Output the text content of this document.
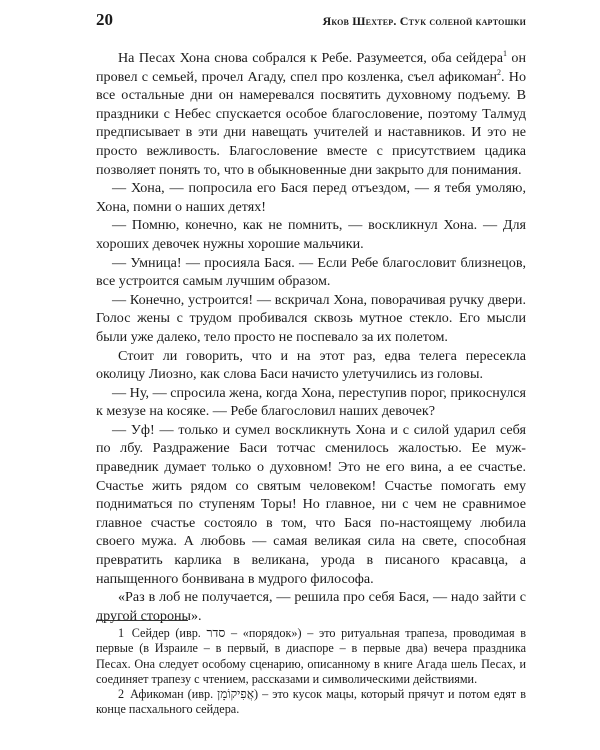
20	Яков Шехтер. Стук соленой картошки

На Песах Хона снова собрался к Ребе. Разумеется, оба сейдера$^1$ он провел с семьей, прочел Агаду, спел про козленка, съел афикоман$^2$. Но все остальные дни он намеревался посвятить духовному подъему. В праздники с Небес спускается особое благословение, поэтому Талмуд предписывает в эти дни навещать учителей и наставников. И это не просто вежливость. Благословение вместе с присутствием цадика позволяет понять то, что в обыкновенные дни закрыто для понимания.

— Хона, — попросила его Бася перед отъездом, — я тебя умоляю, Хона, помни о наших детях!

— Помню, конечно, как не помнить, — воскликнул Хона. — Для хороших девочек нужны хорошие мальчики.

— Умница! — просияла Бася. — Если Ребе благословит близнецов, все устроится самым лучшим образом.

— Конечно, устроится! — вскричал Хона, поворачивая ручку двери. Голос жены с трудом пробивался сквозь мутное стекло. Его мысли были уже далеко, тело просто не поспевало за их полетом.

Стоит ли говорить, что и на этот раз, едва телега пересекла околицу Лиозно, как слова Баси начисто улетучились из головы.

— Ну, — спросила жена, когда Хона, переступив порог, прикоснулся к мезузе на косяке. — Ребе благословил наших девочек?

— Уф! — только и сумел воскликнуть Хона и с силой ударил себя по лбу. Раздражение Баси тотчас сменилось жалостью. Ее муж-праведник думает только о духовном! Это не его вина, а ее счастье. Счастье жить рядом со святым человеком! Счастье помогать ему подниматься по ступеням Торы! Но главное, ни с чем не сравнимое главное счастье состояло в том, что Бася по-настоящему любила своего мужа. А любовь — самая великая сила на свете, способная превратить карлика в великана, урода в писаного красавца, а напыщенного бонвивана в мудрого философа.

«Раз в лоб не получается, — решила про себя Бася, — надо зайти с другой стороны».

1 Сейдер (ивр. סדר – «порядок») – это ритуальная трапеза, проводимая в первые (в Израиле – в первый, в диаспоре – в первые два) вечера праздника Песах. Она следует особому сценарию, описанному в книге Агада шель Песах, и соединяет трапезу с чтением, рассказами и символическими действиями.

2 Афикоман (ивр. אֲפִיקוֹמָן) – это кусок мацы, который прячут и потом едят в конце пасхального сейдера.
